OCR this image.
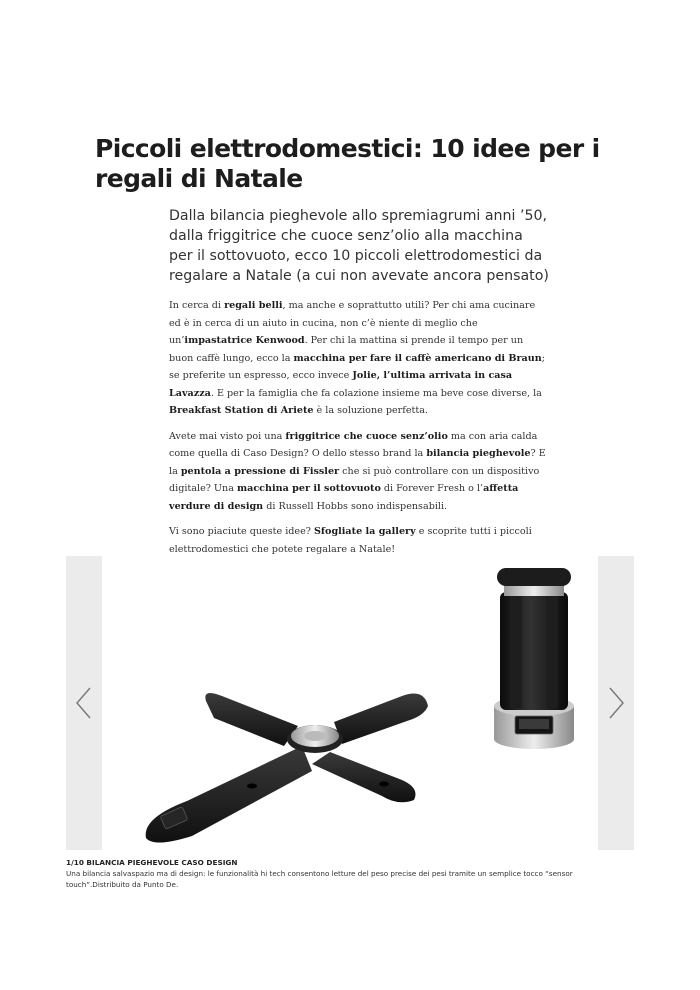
Piccoli elettrodomestici: 10 idee per i regali di Natale

Dalla bilancia pieghevole allo spremiagrumi anni ’50, dalla friggitrice che cuoce senz’olio alla macchina per il sottovuoto, ecco 10 piccoli elettrodomestici da regalare a Natale (a cui non avevate ancora pensato)

In cerca di regali belli, ma anche e soprattutto utili? Per chi ama cucinare ed è in cerca di un aiuto in cucina, non c’è niente di meglio che un’impastatrice Kenwood. Per chi la mattina si prende il tempo per un buon caffè lungo, ecco la macchina per fare il caffè americano di Braun; se preferite un espresso, ecco invece Jolie, l’ultima arrivata in casa Lavazza. E per la famiglia che fa colazione insieme ma beve cose diverse, la Breakfast Station di Ariete è la soluzione perfetta.

Avete mai visto poi una friggitrice che cuoce senz’olio ma con aria calda come quella di Caso Design? O dello stesso brand la bilancia pieghevole? E la pentola a pressione di Fissler che si può controllare con un dispositivo digitale? Una macchina per il sottovuoto di Forever Fresh o l’affetta verdure di design di Russell Hobbs sono indispensabili.

Vi sono piaciute queste idee? Sfogliate la gallery e scoprite tutti i piccoli elettrodomestici che potete regalare a Natale!

1/10 BILANCIA PIEGHEVOLE CASO DESIGN
Una bilancia salvaspazio ma di design: le funzionalità hi tech consentono letture del peso precise dei pesi tramite un semplice tocco “sensor touch”.Distribuito da Punto De.
